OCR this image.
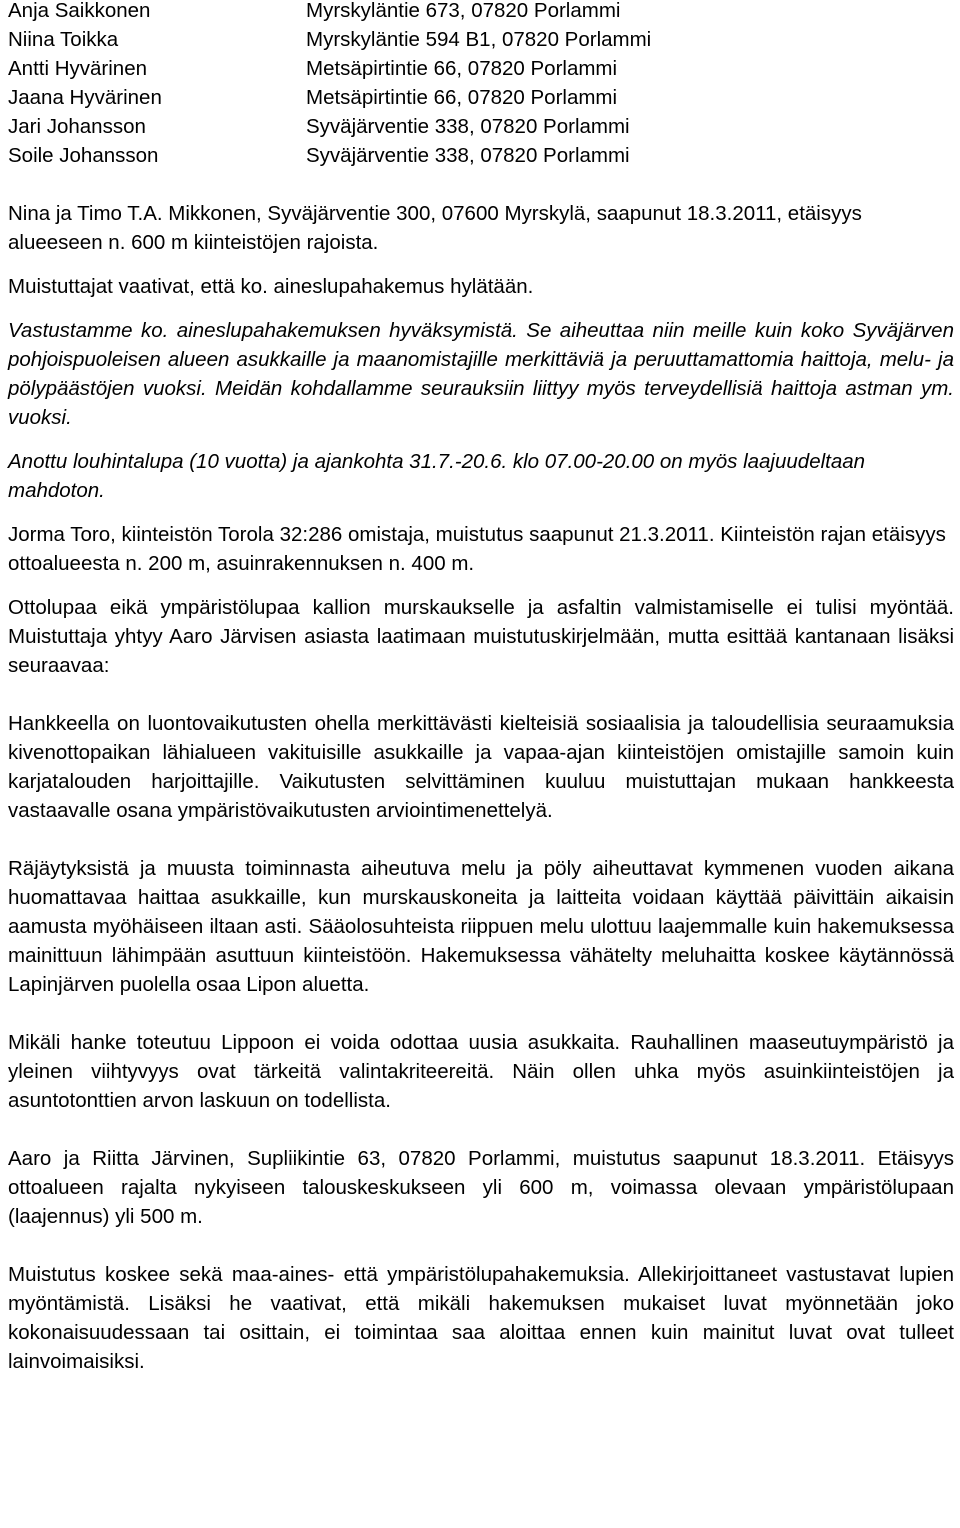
Anja Saikkonen	Myrskyläntie 673, 07820 Porlammi
Niina Toikka	Myrskyläntie 594 B1, 07820 Porlammi
Antti Hyvärinen	Metsäpirtintie 66, 07820 Porlammi
Jaana Hyvärinen	Metsäpirtintie 66, 07820 Porlammi
Jari Johansson	Syväjärventie 338, 07820 Porlammi
Soile Johansson	Syväjärventie 338, 07820 Porlammi

Nina ja Timo T.A. Mikkonen, Syväjärventie 300, 07600 Myrskylä, saapunut 18.3.2011, etäisyys alueeseen n. 600 m kiinteistöjen rajoista.

Muistuttajat vaativat, että ko. aineslupahakemus hylätään.

Vastustamme ko. aineslupahakemuksen hyväksymistä. Se aiheuttaa niin meille kuin koko Syväjärven pohjoispuoleisen alueen asukkaille ja maanomistajille merkittäviä ja peruuttamattomia haittoja, melu- ja pölypäästöjen vuoksi. Meidän kohdallamme seurauksiin liittyy myös terveydellisiä haittoja astman ym. vuoksi.

Anottu louhintalupa (10 vuotta) ja ajankohta 31.7.-20.6. klo 07.00-20.00 on myös laajuudeltaan mahdoton.

Jorma Toro, kiinteistön Torola 32:286 omistaja, muistutus saapunut 21.3.2011. Kiinteistön rajan etäisyys ottoalueesta n. 200 m, asuinrakennuksen n. 400 m.

Ottolupaa eikä ympäristölupaa kallion murskaukselle ja asfaltin valmistamiselle ei tulisi myöntää. Muistuttaja yhtyy Aaro Järvisen asiasta laatimaan muistutuskirjelmään, mutta esittää kantanaan lisäksi seuraavaa:

Hankkeella on luontovaikutusten ohella merkittävästi kielteisiä sosiaalisia ja taloudellisia seuraamuksia kivenottopaikan lähialueen vakituisille asukkaille ja vapaa-ajan kiinteistöjen omistajille samoin kuin karjatalouden harjoittajille. Vaikutusten selvittäminen kuuluu muistuttajan mukaan hankkeesta vastaavalle osana ympäristövaikutusten arviointimenettelyä.

Räjäytyksistä ja muusta toiminnasta aiheutuva melu ja pöly aiheuttavat kymmenen vuoden aikana huomattavaa haittaa asukkaille, kun murskauskoneita ja laitteita voidaan käyttää päivittäin aikaisin aamusta myöhäiseen iltaan asti. Sääolosuhteista riippuen melu ulottuu laajemmalle kuin hakemuksessa mainittuun lähimpään asuttuun kiinteistöön. Hakemuksessa vähätelty meluhaitta koskee käytännössä Lapinjärven puolella osaa Lipon aluetta.

Mikäli hanke toteutuu Lippoon ei voida odottaa uusia asukkaita. Rauhallinen maaseutuympäristö ja yleinen viihtyvyys ovat tärkeitä valintakriteereitä. Näin ollen uhka myös asuinkiinteistöjen ja asuntotonttien arvon laskuun on todellista.

Aaro ja Riitta Järvinen, Supliikintie 63, 07820 Porlammi, muistutus saapunut 18.3.2011. Etäisyys ottoalueen rajalta nykyiseen talouskeskukseen yli 600 m, voimassa olevaan ympäristölupaan (laajennus) yli 500 m.

Muistutus koskee sekä maa-aines- että ympäristölupahakemuksia. Allekirjoittaneet vastustavat lupien myöntämistä. Lisäksi he vaativat, että mikäli hakemuksen mukaiset luvat myönnetään joko kokonaisuudessaan tai osittain, ei toimintaa saa aloittaa ennen kuin mainitut luvat ovat tulleet lainvoimaisiksi.
